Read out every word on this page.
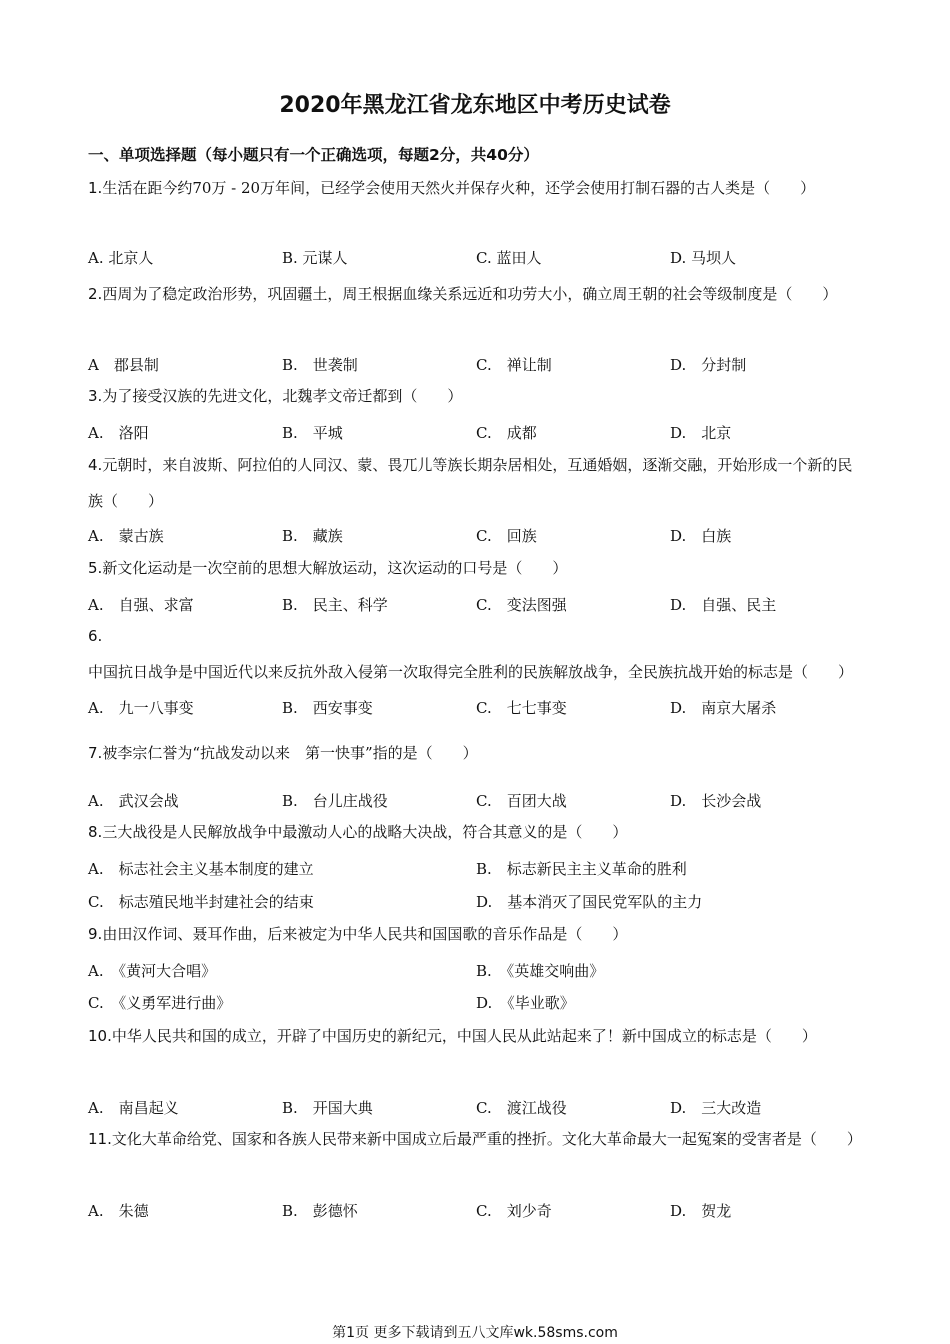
2020年黑龙江省龙东地区中考历史试卷
一、单项选择题（每小题只有一个正确选项，每题2分，共40分）
1.生活在距今约70万 - 20万年间，已经学会使用天然火并保存火种，还学会使用打制石器的古人类是（　　）
A. 北京人	B. 元谋人	C. 蓝田人	D. 马坝人
2.西周为了稳定政治形势，巩固疆土，周王根据血缘关系远近和功劳大小，确立周王朝的社会等级制度是（　　）
A　郡县制	B.　世袭制	C.　禅让制	D.　分封制
3.为了接受汉族的先进文化，北魏孝文帝迁都到（　　）
A.　洛阳	B.　平城	C.　成都	D.　北京
4.元朝时，来自波斯、阿拉伯的人同汉、蒙、畏兀儿等族长期杂居相处，互通婚姻，逐渐交融，开始形成一个新的民族（　　）
A.　蒙古族	B.　藏族	C.　回族	D.　白族
5.新文化运动是一次空前的思想大解放运动，这次运动的口号是（　　）
A.　自强、求富	B.　民主、科学	C.　变法图强	D.　自强、民主
6.中国抗日战争是中国近代以来反抗外敌入侵第一次取得完全胜利的民族解放战争，全民族抗战开始的标志是（　　）
A.　九一八事变	B.　西安事变	C.　七七事变	D.　南京大屠杀
7.被李宗仁誉为“抗战发动以来　第一快事”指的是（　　）
A.　武汉会战	B.　台儿庄战役	C.　百团大战	D.　长沙会战
8.三大战役是人民解放战争中最激动人心的战略大决战，符合其意义的是（　　）
A.　标志社会主义基本制度的建立	B.　标志新民主主义革命的胜利
C.　标志殖民地半封建社会的结束	D.　基本消灭了国民党军队的主力
9.由田汉作词、聂耳作曲，后来被定为中华人民共和国国歌的音乐作品是（　　）
A.　《黄河大合唱》	B.　《英雄交响曲》
C.　《义勇军进行曲》	D.　《毕业歌》
10.中华人民共和国的成立，开辟了中国历史的新纪元，中国人民从此站起来了！新中国成立的标志是（　　）
A.　南昌起义	B.　开国大典	C.　渡江战役	D.　三大改造
11.文化大革命给党、国家和各族人民带来新中国成立后最严重的挫折。文化大革命最大一起冤案的受害者是（　　）
A.　朱德	B.　彭德怀	C.　刘少奇	D.　贺龙
第1页 更多下载请到五八文库wk.58sms.com
